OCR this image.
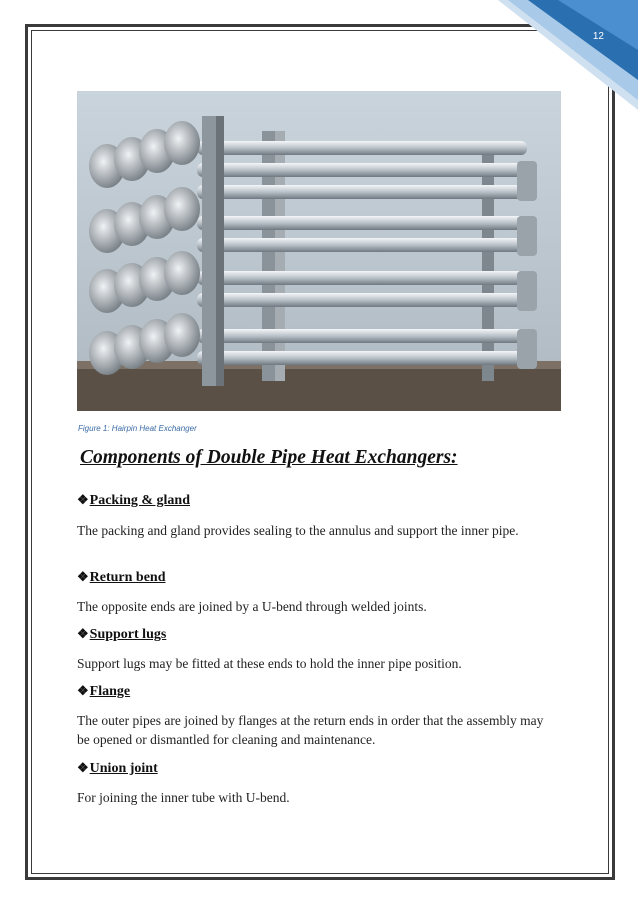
12
Figure 1: Hairpin Heat Exchanger
Components of Double Pipe Heat Exchangers:
❖Packing & gland
The packing and gland provides sealing to the annulus and support the inner pipe.
❖Return bend
The opposite ends are joined by a U-bend through welded joints.
❖Support lugs
Support lugs may be fitted at these ends to hold the inner pipe position.
❖Flange
The outer pipes are joined by flanges at the return ends in order that the assembly may be opened or dismantled for cleaning and maintenance.
❖Union joint
For joining the inner tube with U-bend.
